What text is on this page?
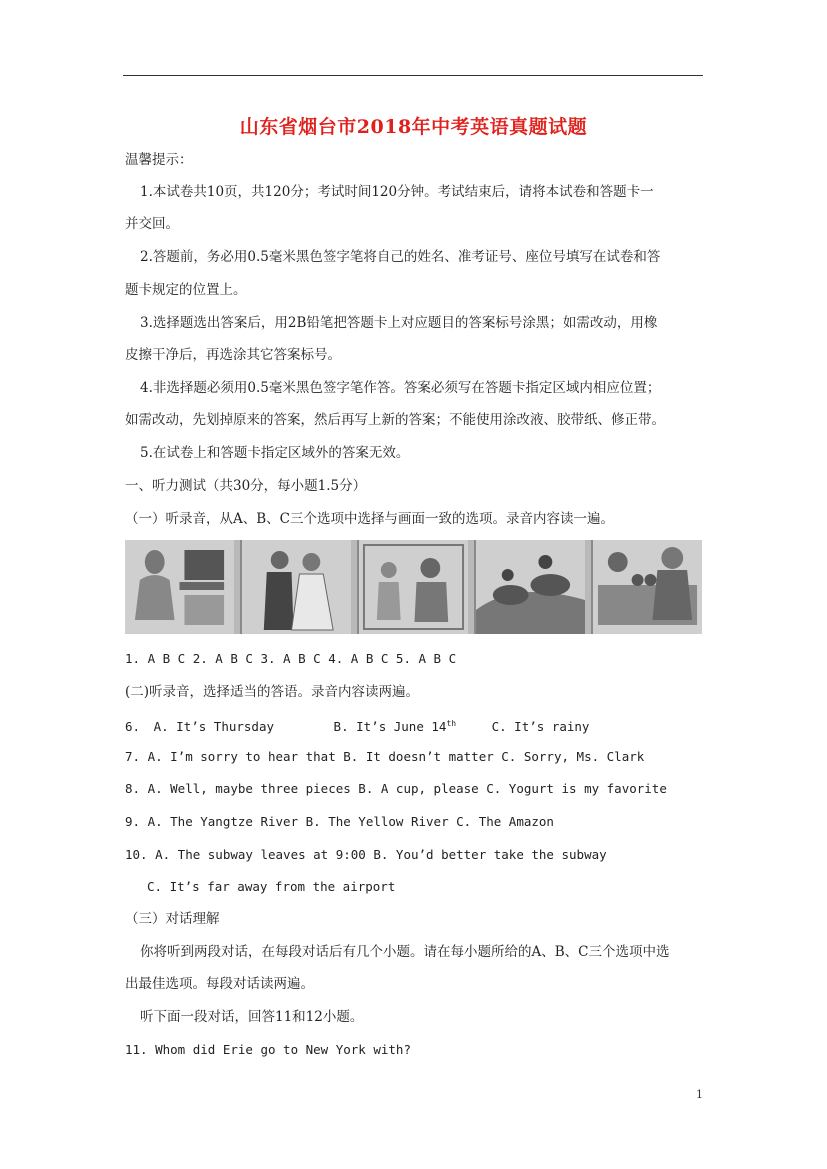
山东省烟台市2018年中考英语真题试题
温馨提示：
1.本试卷共10页，共120分；考试时间120分钟。考试结束后，请将本试卷和答题卡一
并交回。
2.答题前，务必用0.5毫米黑色签字笔将自己的姓名、准考证号、座位号填写在试卷和答
题卡规定的位置上。
3.选择题选出答案后，用2B铅笔把答题卡上对应题目的答案标号涂黑；如需改动，用橡
皮擦干净后，再选涂其它答案标号。
4.非选择题必须用0.5毫米黑色签字笔作答。答案必须写在答题卡指定区域内相应位置；
如需改动，先划掉原来的答案，然后再写上新的答案；不能使用涂改液、胶带纸、修正带。
5.在试卷上和答题卡指定区域外的答案无效。
一、听力测试（共30分，每小题1.5分）
（一）听录音，从A、B、C三个选项中选择与画面一致的选项。录音内容读一遍。
1. A B C 2. A B C 3. A B C 4. A B C 5. A B C
(二)听录音，选择适当的答语。录音内容读两遍。
6. A. It’s Thursday	B. It’s June 14th	C. It’s rainy
7. A. I’m sorry to hear that B. It doesn’t matter C. Sorry, Ms. Clark
8. A. Well, maybe three pieces B. A cup, please C. Yogurt is my favorite
9. A. The Yangtze River B. The Yellow River C. The Amazon
10. A. The subway leaves at 9:00 B. You’d better take the subway
C. It’s far away from the airport
（三）对话理解
你将听到两段对话，在每段对话后有几个小题。请在每小题所给的A、B、C三个选项中选
出最佳选项。每段对话读两遍。
听下面一段对话，回答11和12小题。
11. Whom did Erie go to New York with?
1
